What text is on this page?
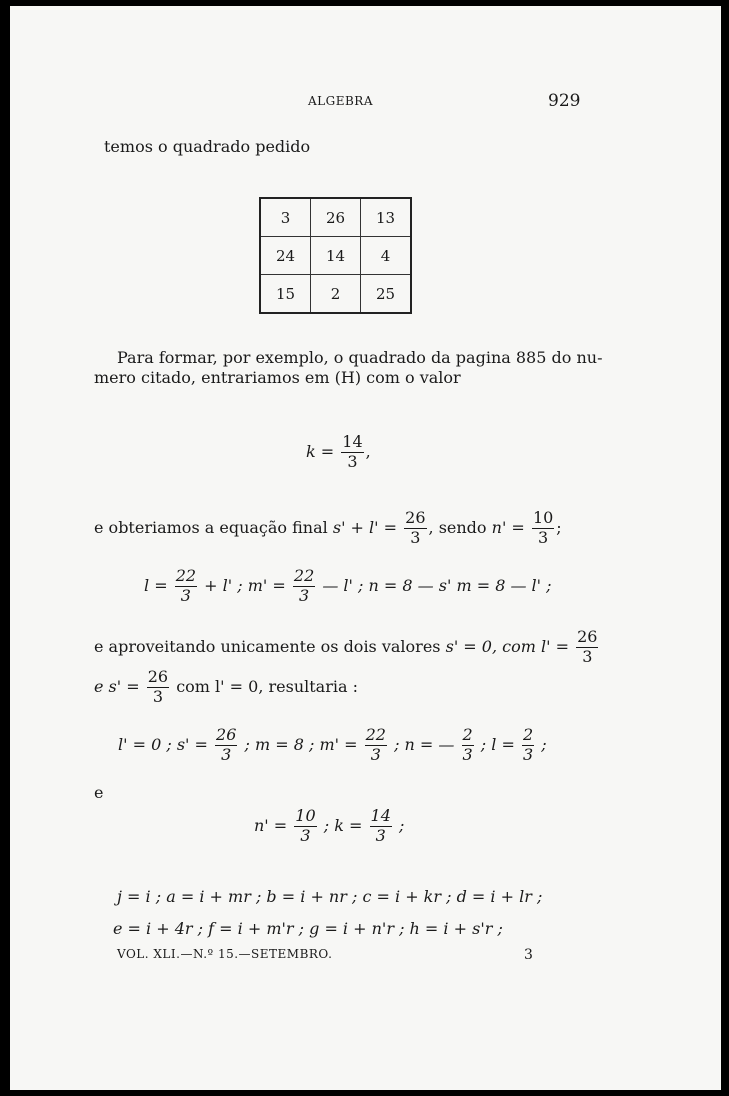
ALGEBRA	929
temos o quadrado pedido
3	26	13
24	14	4
15	2	25
Para formar, por exemplo, o quadrado da pagina 885 do nu-
mero citado, entrariamos em (H) com o valor
$k = \frac{14}{3}$ ,
e obteriamos a equação final $s' + l' = \frac{26}{3}$ , sendo $n' = \frac{10}{3}$ ;
$l = \frac{22}{3} + l'$ ; $m' = \frac{22}{3}$ — l' ; n = 8 — s' m = 8 — l' ;
e aproveitando unicamente os dois valores s' = 0, com $l' = \frac{26}{3}$
e $s' = \frac{26}{3}$ com l' = 0, resultaria :
l' = 0 ; $s' = \frac{26}{3}$ ; m = 8 ; $m' = \frac{22}{3}$ ; n = — $\frac{2}{3}$ ; $l = \frac{2}{3}$ ;
e
$n' = \frac{10}{3}$ ; $k = \frac{14}{3}$ ;
j = i ; a = i + mr ; b = i + nr ; c = i + kr ; d = i + lr ;
e = i + 4r ; f = i + m'r ; g = i + n'r ; h = i + s'r ;
VOL. XLI.—N.º 15.—SETEMBRO.	3
